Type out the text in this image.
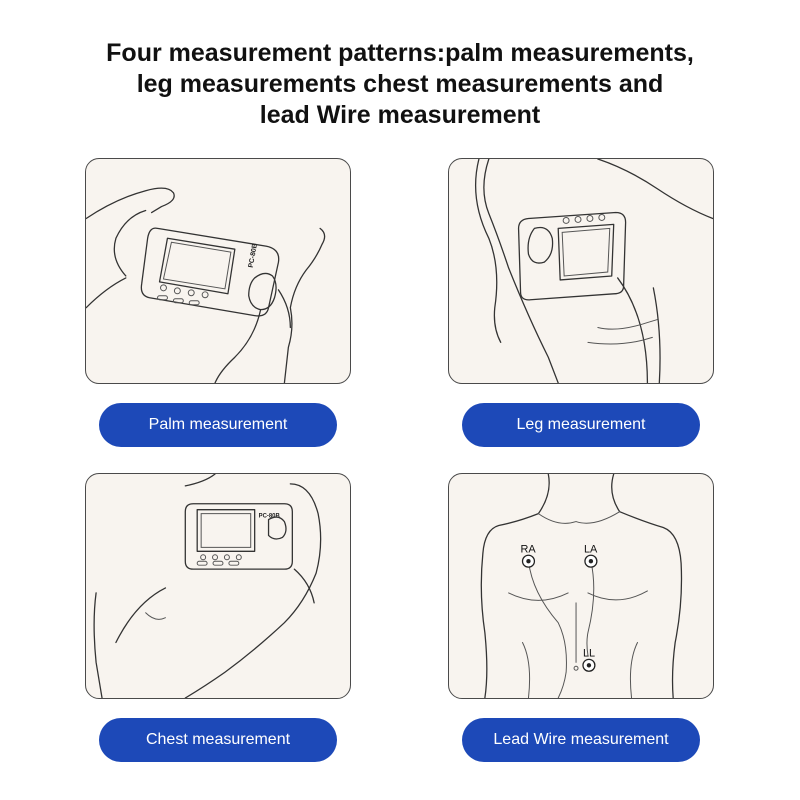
Four measurement patterns:palm measurements,
leg measurements chest measurements and
lead Wire measurement
PC-80B
PC-80B
RA	LA
LL
Palm measurement	Leg measurement
Chest measurement	Lead Wire measurement
